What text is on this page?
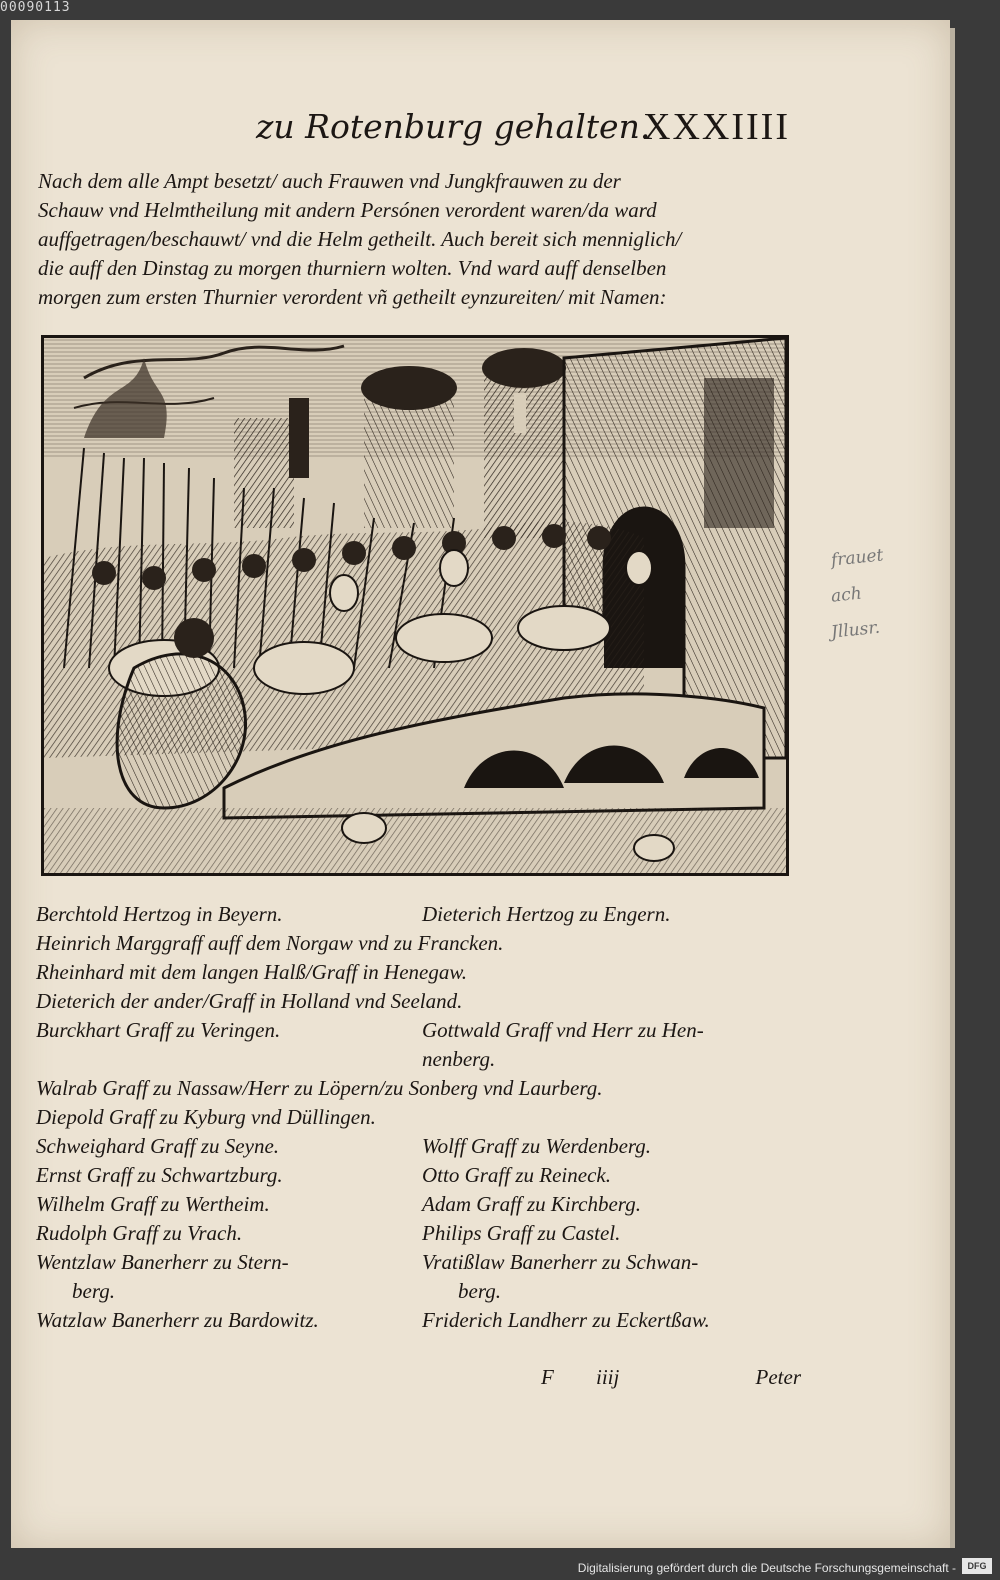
00090113
zu Rotenburg gehalten.
XXXIIII
Nach dem alle Ampt besetzt/ auch Frauwen vnd Jungkfrauwen zu der
Schauw vnd Helmtheilung mit andern Persónen verordent waren/da ward
auffgetragen/beschauwt/ vnd die Helm getheilt. Auch bereit sich menniglich/
die auff den Dinstag zu morgen thurniern wolten. Vnd ward auff denselben
morgen zum ersten Thurnier verordent vñ getheilt eynzureiten/ mit Namen:
Berchtold Hertzog in Beyern.	Dieterich Hertzog zu Engern.
Heinrich Marggraff auff dem Norgaw vnd zu Francken.
Rheinhard mit dem langen Halß/Graff in Henegaw.
Dieterich der ander/Graff in Holland vnd Seeland.
Burckhart Graff zu Veringen.	Gottwald Graff vnd Herr zu Hen-
nenberg.
Walrab Graff zu Nassaw/Herr zu Löpern/zu Sonberg vnd Laurberg.
Diepold Graff zu Kyburg vnd Düllingen.
Schweighard Graff zu Seyne.	Wolff Graff zu Werdenberg.
Ernst Graff zu Schwartzburg.	Otto Graff zu Reineck.
Wilhelm Graff zu Wertheim.	Adam Graff zu Kirchberg.
Rudolph Graff zu Vrach.	Philips Graff zu Castel.
Wentzlaw Banerherr zu Stern-	Vratißlaw Banerherr zu Schwan-
berg.	berg.
Watzlaw Banerherr zu Bardowitz.	Friderich Landherr zu Eckertßaw.
F iiij	Peter
frauet
ach
Jllusr.
Digitalisierung gefördert durch die Deutsche Forschungsgemeinschaft -	DFG
